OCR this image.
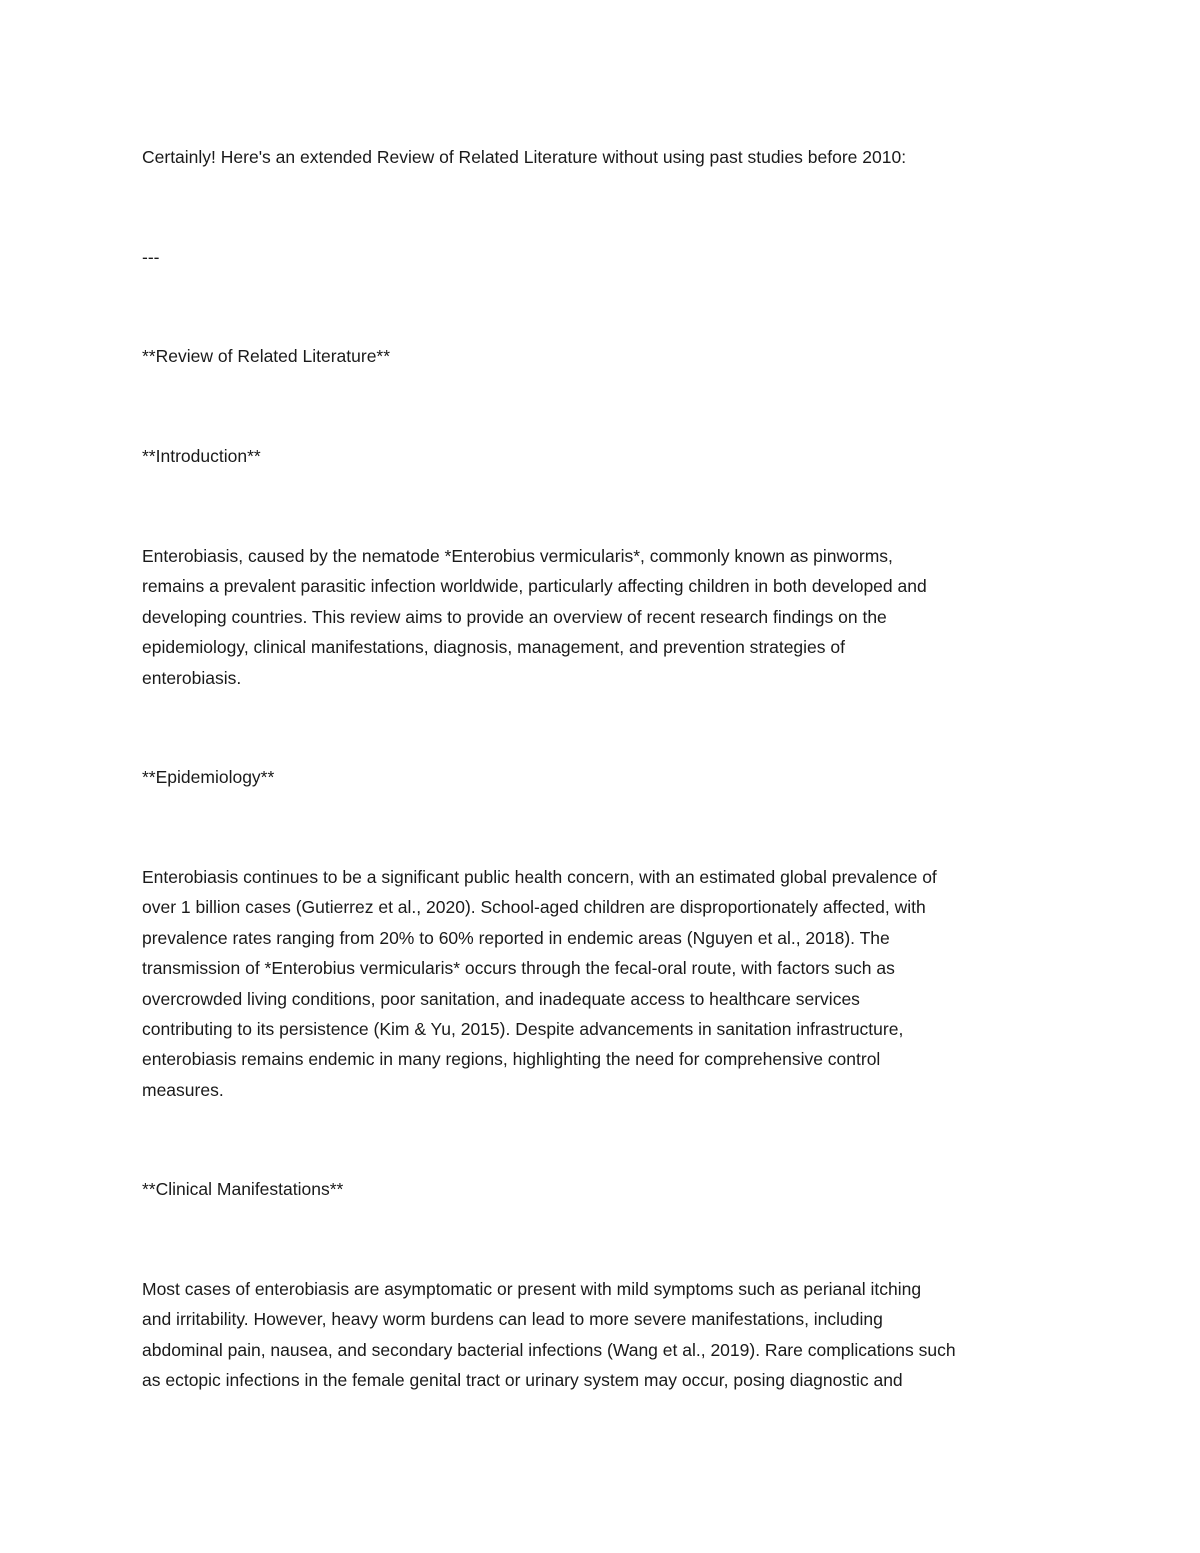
Certainly! Here's an extended Review of Related Literature without using past studies before 2010:

---

**Review of Related Literature**

**Introduction**

Enterobiasis, caused by the nematode *Enterobius vermicularis*, commonly known as pinworms,
remains a prevalent parasitic infection worldwide, particularly affecting children in both developed and
developing countries. This review aims to provide an overview of recent research findings on the
epidemiology, clinical manifestations, diagnosis, management, and prevention strategies of
enterobiasis.

**Epidemiology**

Enterobiasis continues to be a significant public health concern, with an estimated global prevalence of
over 1 billion cases (Gutierrez et al., 2020). School-aged children are disproportionately affected, with
prevalence rates ranging from 20% to 60% reported in endemic areas (Nguyen et al., 2018). The
transmission of *Enterobius vermicularis* occurs through the fecal-oral route, with factors such as
overcrowded living conditions, poor sanitation, and inadequate access to healthcare services
contributing to its persistence (Kim & Yu, 2015). Despite advancements in sanitation infrastructure,
enterobiasis remains endemic in many regions, highlighting the need for comprehensive control
measures.

**Clinical Manifestations**

Most cases of enterobiasis are asymptomatic or present with mild symptoms such as perianal itching
and irritability. However, heavy worm burdens can lead to more severe manifestations, including
abdominal pain, nausea, and secondary bacterial infections (Wang et al., 2019). Rare complications such
as ectopic infections in the female genital tract or urinary system may occur, posing diagnostic and
